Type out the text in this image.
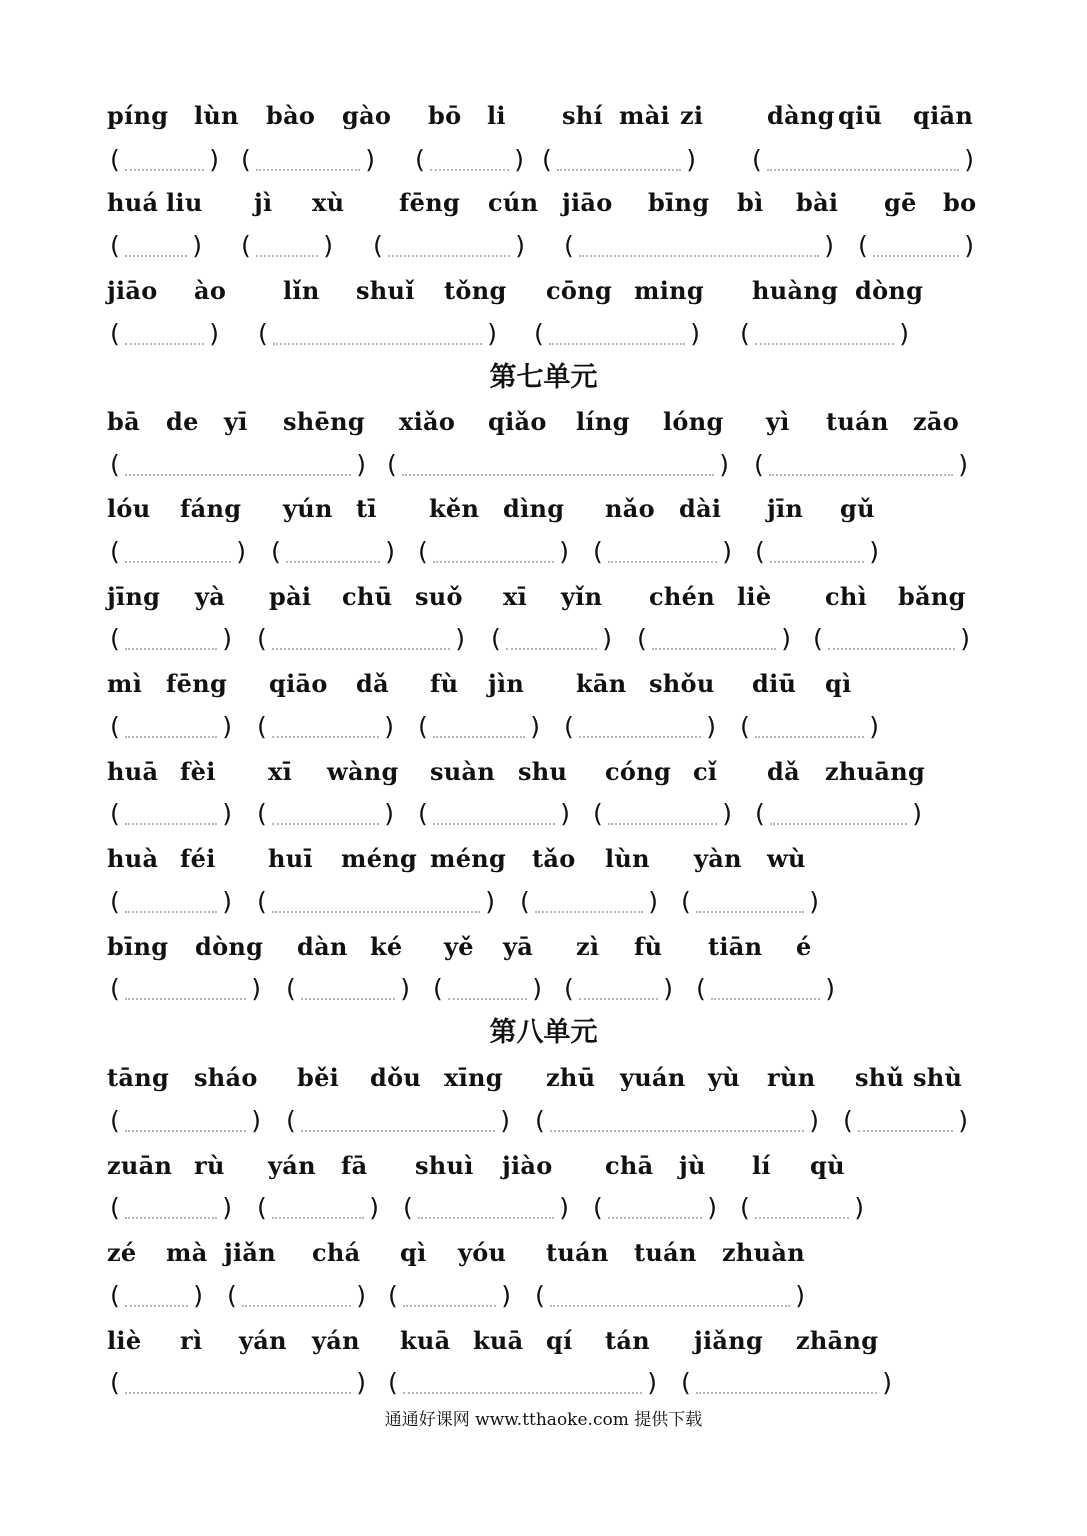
píng lùn bào gào bō li shí mài zi	dàng qiū qiān
(	) (	) (	) (	) (	)
huá liu jì xù fēng cún jiāo bīng bì bài gē bo
(	) (	) (	) (	) (	)
jiāo ào lǐn shuǐ tǒng cōng ming huàng dòng
(	) (	) (	) (	)
第七单元
bā de yī shēng xiǎo qiǎo líng lóng yì tuán zāo
(	) (	) (	)
lóu fáng yún tī kěn dìng nǎo dài jīn gǔ
(	) (	) (	) (	) (	)
jīng yà pài chū suǒ xī yǐn chén liè chì bǎng
(	) (	) (	) (	) (	)
mì fēng qiāo dǎ fù jìn kān shǒu diū qì
(	) (	) (	) (	) (	)
huā fèi xī wàng suàn shu cóng cǐ dǎ zhuāng
(	) (	) (	) (	) (	)
huà féi huī méng méng tǎo lùn yàn wù
(	) (	) (	) (	)
bīng dòng dàn ké yě yā zì fù tiān é
(	) (	) (	) (	) (	)
第八单元
tāng sháo běi dǒu xīng zhū yuán yù rùn shǔ shù
(	) (	) (	) (	)
zuān rù yán fā shuì jiào chā jù lí qù
(	) (	) (	) (	) (	)
zé mà jiǎn chá qì yóu tuán tuán zhuàn
(	) (	) (	) (	)
liè rì yán yán kuā kuā qí tán jiǎng zhāng
(	) (	) (	)
通通好课网 www.tthaoke.com 提供下载
